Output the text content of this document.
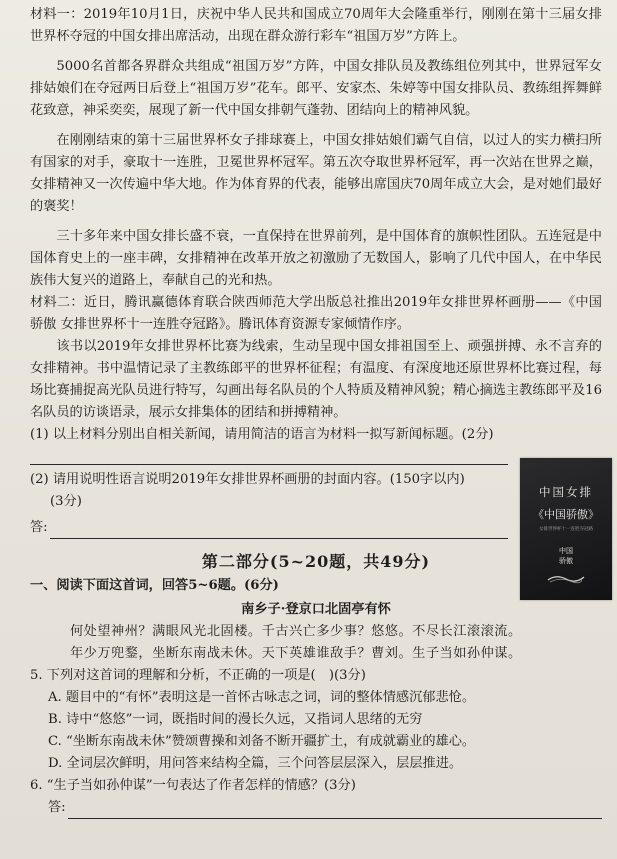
材料一：2019年10月1日，庆祝中华人民共和国成立70周年大会隆重举行，刚刚在第十三届女排世界杯夺冠的中国女排出席活动，出现在群众游行彩车“祖国万岁”方阵上。

5000名首都各界群众共组成“祖国万岁”方阵，中国女排队员及教练组位列其中，世界冠军女排姑娘们在夺冠两日后登上“祖国万岁”花车。郎平、安家杰、朱婷等中国女排队员、教练组挥舞鲜花致意，神采奕奕，展现了新一代中国女排朝气蓬勃、团结向上的精神风貌。

在刚刚结束的第十三届世界杯女子排球赛上，中国女排姑娘们霸气自信，以过人的实力横扫所有国家的对手，豪取十一连胜，卫冕世界杯冠军。第五次夺取世界杯冠军，再一次站在世界之巅，女排精神又一次传遍中华大地。作为体育界的代表，能够出席国庆70周年成立大会，是对她们最好的褒奖！

三十多年来中国女排长盛不衰，一直保持在世界前列，是中国体育的旗帜性团队。五连冠是中国体育史上的一座丰碑，女排精神在改革开放之初激励了无数国人，影响了几代中国人，在中华民族伟大复兴的道路上，奉献自己的光和热。

材料二：近日，腾讯赢德体育联合陕西师范大学出版总社推出2019年女排世界杯画册——《中国骄傲 女排世界杯十一连胜夺冠路》。腾讯体育资源专家倾情作序。

该书以2019年女排世界杯比赛为线索，生动呈现中国女排祖国至上、顽强拼搏、永不言弃的女排精神。书中温情记录了主教练郎平的世界杯征程；有温度、有深度地还原世界杯比赛过程，每场比赛捕捉高光队员进行特写，勾画出每名队员的个人特质及精神风貌；精心摘选主教练郎平及16名队员的访谈语录，展示女排集体的团结和拼搏精神。

(1) 以上材料分别出自相关新闻，请用简洁的语言为材料一拟写新闻标题。(2分)

(2) 请用说明性语言说明2019年女排世界杯画册的封面内容。(150字以内)

(3分)

答:
第二部分(5~20题，共49分)

一、阅读下面这首词，回答5~6题。(6分)

南乡子·登京口北固亭有怀

何处望神州？满眼风光北固楼。千古兴亡多少事？悠悠。不尽长江滚滚流。

年少万兜鍪，坐断东南战未休。天下英雄谁敌手？曹刘。生子当如孙仲谋。

5. 下列对这首词的理解和分析，不正确的一项是(　)(3分)

A. 题目中的“有怀”表明这是一首怀古咏志之词，词的整体情感沉郁悲怆。

B. 诗中“悠悠”一词，既指时间的漫长久远，又指词人思绪的无穷

C. “坐断东南战未休”赞颂曹操和刘备不断开疆扩土，有成就霸业的雄心。

D. 全词层次鲜明，用问答来结构全篇，三个问答层层深入，层层推进。

6. “生子当如孙仲谋”一句表达了作者怎样的情感？(3分)

答:
中国女排
《中国骄傲》
女排世界杯十一连胜夺冠路
中国
骄傲
